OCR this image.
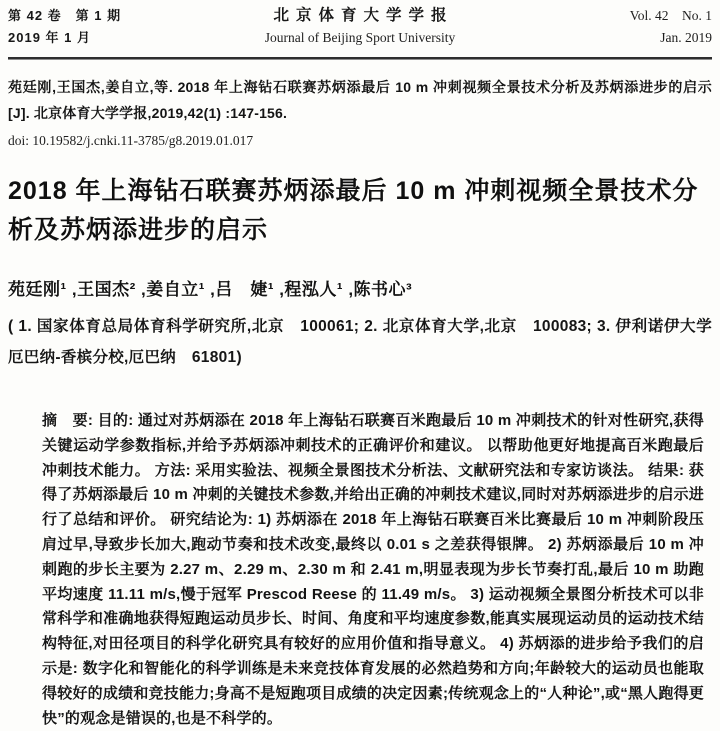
第 42 卷　第 1 期
2019 年 1 月
北京体育大学学报
Journal of Beijing Sport University
Vol. 42　No. 1
Jan. 2019

苑廷刚,王国杰,姜自立,等. 2018 年上海钻石联赛苏炳添最后 10 m 冲刺视频全景技术分析及苏炳添进步的启示 [J]. 北京体育大学学报,2019,42(1) :147-156.

doi: 10.19582/j.cnki.11-3785/g8.2019.01.017

2018 年上海钻石联赛苏炳添最后 10 m 冲刺视频全景技术分析及苏炳添进步的启示

苑廷刚¹ ,王国杰² ,姜自立¹ ,吕　婕¹ ,程泓人¹ ,陈书心³

( 1. 国家体育总局体育科学研究所,北京　100061; 2. 北京体育大学,北京　100083; 3. 伊利诺伊大学厄巴纳-香槟分校,厄巴纳　61801)

摘　要: 目的: 通过对苏炳添在 2018 年上海钻石联赛百米跑最后 10 m 冲刺技术的针对性研究,获得关键运动学参数指标,并给予苏炳添冲刺技术的正确评价和建议。 以帮助他更好地提高百米跑最后冲刺技术能力。 方法: 采用实验法、视频全景图技术分析法、文献研究法和专家访谈法。 结果: 获得了苏炳添最后 10 m 冲刺的关键技术参数,并给出正确的冲刺技术建议,同时对苏炳添进步的启示进行了总结和评价。 研究结论为: 1) 苏炳添在 2018 年上海钻石联赛百米比赛最后 10 m 冲刺阶段压肩过早,导致步长加大,跑动节奏和技术改变,最终以 0.01 s 之差获得银牌。 2) 苏炳添最后 10 m 冲刺跑的步长主要为 2.27 m、2.29 m、2.30 m 和 2.41 m,明显表现为步长节奏打乱,最后 10 m 助跑平均速度 11.11 m/s,慢于冠军 Prescod Reese 的 11.49 m/s。 3) 运动视频全景图分析技术可以非常科学和准确地获得短跑运动员步长、时间、角度和平均速度参数,能真实展现运动员的运动技术结构特征,对田径项目的科学化研究具有较好的应用价值和指导意义。 4) 苏炳添的进步给予我们的启示是: 数字化和智能化的科学训练是未来竞技体育发展的必然趋势和方向;年龄较大的运动员也能取得较好的成绩和竞技能力;身高不是短跑项目成绩的决定因素;传统观念上的“人种论”,或“黑人跑得更快”的观念是错误的,也是不科学的。
